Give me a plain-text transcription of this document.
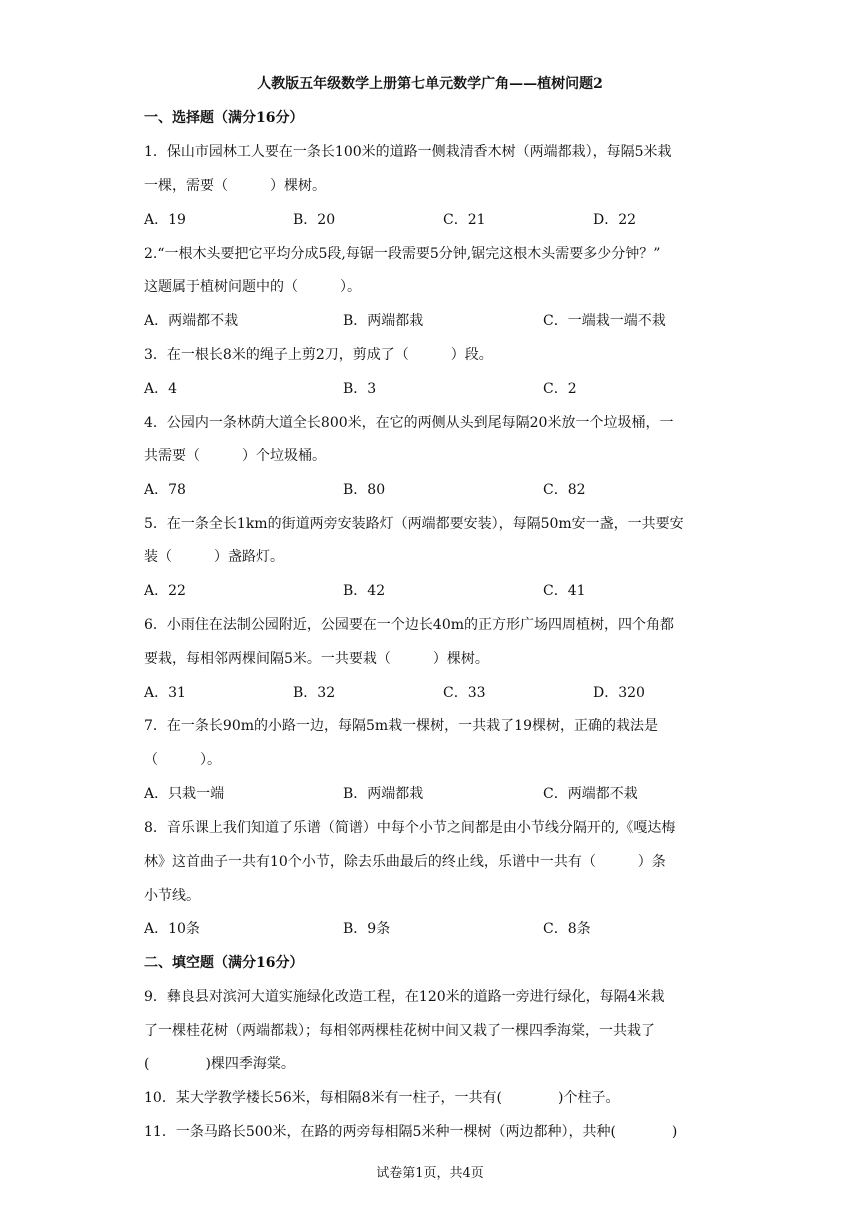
人教版五年级数学上册第七单元数学广角——植树问题2
一、选择题（满分16分）
1．保山市园林工人要在一条长100米的道路一侧栽清香木树（两端都栽），每隔5米栽
一棵，需要（　　　）棵树。
A．19	B．20	C．21	D．22
2.“一根木头要把它平均分成5段,每锯一段需要5分钟,锯完这根木头需要多少分钟？”
这题属于植树问题中的（　　　）。
A．两端都不栽	B．两端都栽	C．一端栽一端不栽
3．在一根长8米的绳子上剪2刀，剪成了（　　　）段。
A．4	B．3	C．2
4．公园内一条林荫大道全长800米，在它的两侧从头到尾每隔20米放一个垃圾桶，一
共需要（　　　）个垃圾桶。
A．78	B．80	C．82
5．在一条全长1km的街道两旁安装路灯（两端都要安装），每隔50m安一盏，一共要安
装（　　　）盏路灯。
A．22	B．42	C．41
6．小雨住在法制公园附近，公园要在一个边长40m的正方形广场四周植树，四个角都
要栽，每相邻两棵间隔5米。一共要栽（　　　）棵树。
A．31	B．32	C．33	D．320
7．在一条长90m的小路一边，每隔5m栽一棵树，一共栽了19棵树，正确的栽法是
（　　　）。
A．只栽一端	B．两端都栽	C．两端都不栽
8．音乐课上我们知道了乐谱（简谱）中每个小节之间都是由小节线分隔开的,《嘎达梅
林》这首曲子一共有10个小节，除去乐曲最后的终止线，乐谱中一共有（　　　）条
小节线。
A．10条	B．9条	C．8条
二、填空题（满分16分）
9．彝良县对滨河大道实施绿化改造工程，在120米的道路一旁进行绿化，每隔4米栽
了一棵桂花树（两端都栽）；每相邻两棵桂花树中间又栽了一棵四季海棠，一共栽了
(　　　　)棵四季海棠。
10．某大学教学楼长56米，每相隔8米有一柱子，一共有(　　　　)个柱子。
11．一条马路长500米，在路的两旁每相隔5米种一棵树（两边都种），共种(　　　　)
试卷第1页，共4页
